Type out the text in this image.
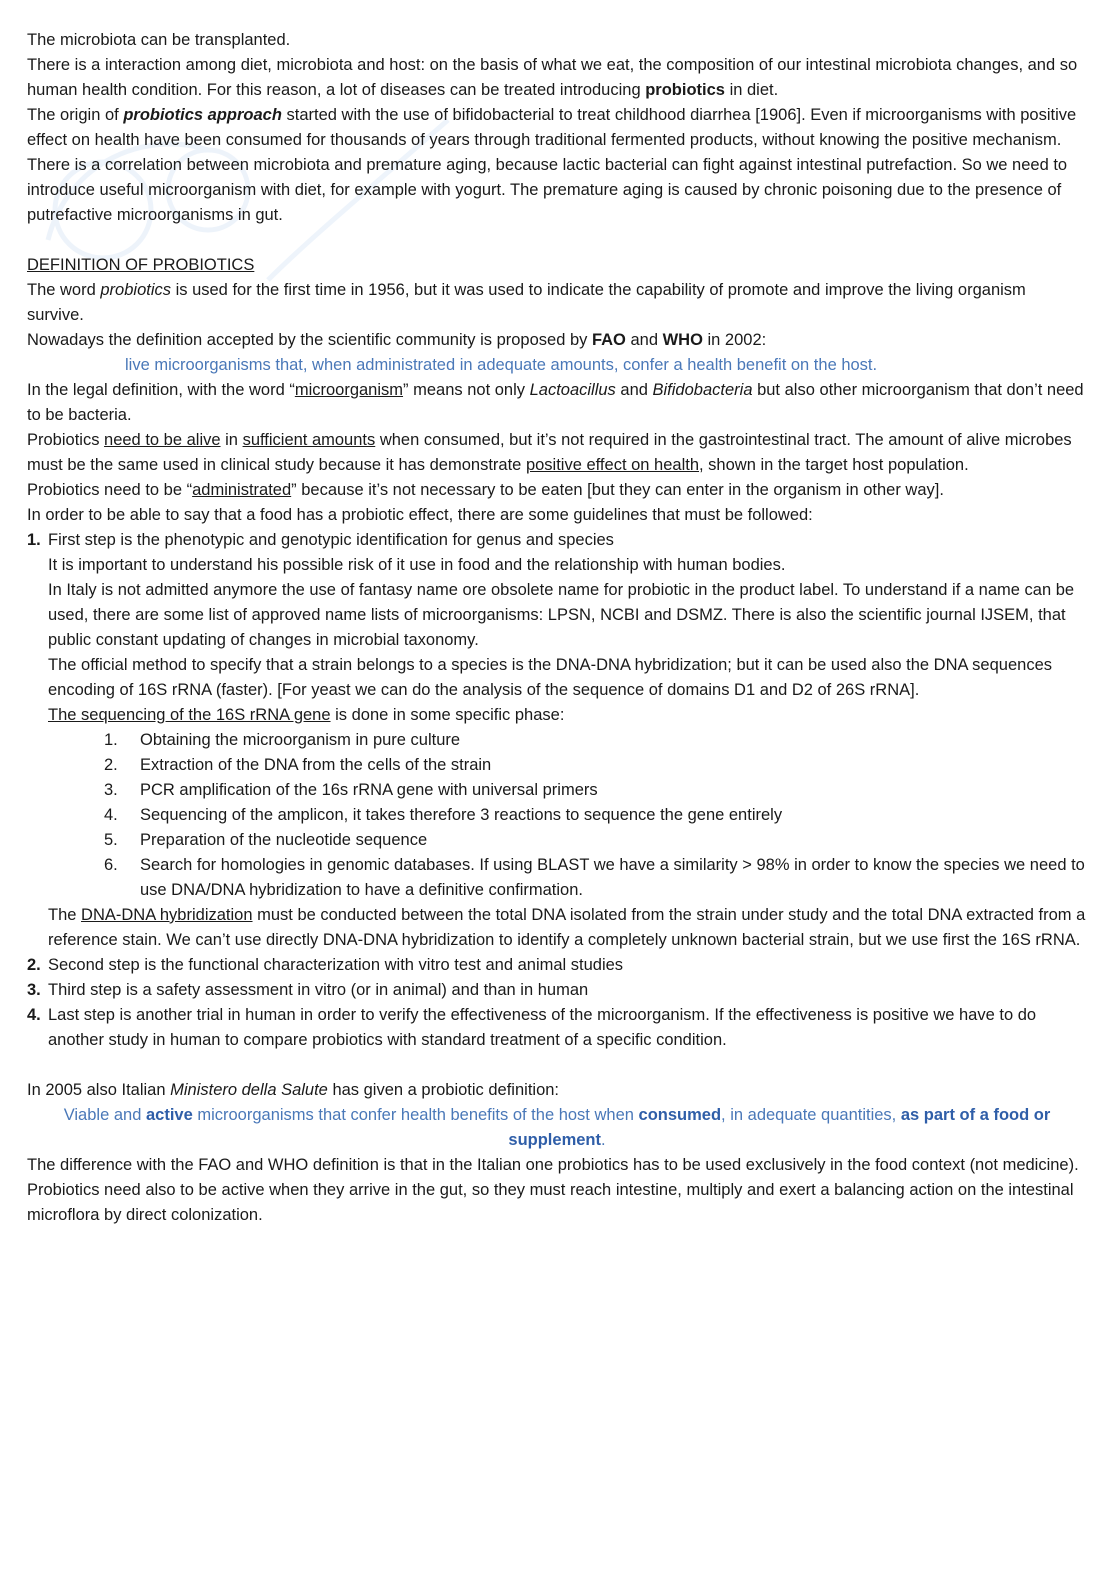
The microbiota can be transplanted.

There is a interaction among diet, microbiota and host: on the basis of what we eat, the composition of our intestinal microbiota changes, and so human health condition. For this reason, a lot of diseases can be treated introducing probiotics in diet.

The origin of probiotics approach started with the use of bifidobacterial to treat childhood diarrhea [1906]. Even if microorganisms with positive effect on health have been consumed for thousands of years through traditional fermented products, without knowing the positive mechanism.

There is a correlation between microbiota and premature aging, because lactic bacterial can fight against intestinal putrefaction. So we need to introduce useful microorganism with diet, for example with yogurt. The premature aging is caused by chronic poisoning due to the presence of putrefactive microorganisms in gut.

DEFINITION OF PROBIOTICS

The word probiotics is used for the first time in 1956, but it was used to indicate the capability of promote and improve the living organism survive.

Nowadays the definition accepted by the scientific community is proposed by FAO and WHO in 2002:

live microorganisms that, when administrated in adequate amounts, confer a health benefit on the host.

In the legal definition, with the word “microorganism” means not only Lactoacillus and Bifidobacteria but also other microorganism that don’t need to be bacteria.

Probiotics need to be alive in sufficient amounts when consumed, but it’s not required in the gastrointestinal tract. The amount of alive microbes must be the same used in clinical study because it has demonstrate positive effect on health, shown in the target host population.

Probiotics need to be “administrated” because it’s not necessary to be eaten [but they can enter in the organism in other way].

In order to be able to say that a food has a probiotic effect, there are some guidelines that must be followed:

1. First step is the phenotypic and genotypic identification for genus and species

It is important to understand his possible risk of it use in food and the relationship with human bodies.

In Italy is not admitted anymore the use of fantasy name ore obsolete name for probiotic in the product label. To understand if a name can be used, there are some list of approved name lists of microorganisms: LPSN, NCBI and DSMZ. There is also the scientific journal IJSEM, that public constant updating of changes in microbial taxonomy.

The official method to specify that a strain belongs to a species is the DNA-DNA hybridization; but it can be used also the DNA sequences encoding of 16S rRNA (faster). [For yeast we can do the analysis of the sequence of domains D1 and D2 of 26S rRNA].

The sequencing of the 16S rRNA gene is done in some specific phase:

1. Obtaining the microorganism in pure culture
2. Extraction of the DNA from the cells of the strain
3. PCR amplification of the 16s rRNA gene with universal primers
4. Sequencing of the amplicon, it takes therefore 3 reactions to sequence the gene entirely
5. Preparation of the nucleotide sequence
6. Search for homologies in genomic databases. If using BLAST we have a similarity > 98% in order to know the species we need to use DNA/DNA hybridization to have a definitive confirmation.

The DNA-DNA hybridization must be conducted between the total DNA isolated from the strain under study and the total DNA extracted from a reference stain. We can’t use directly DNA-DNA hybridization to identify a completely unknown bacterial strain, but we use first the 16S rRNA.

2. Second step is the functional characterization with vitro test and animal studies

3. Third step is a safety assessment in vitro (or in animal) and than in human

4. Last step is another trial in human in order to verify the effectiveness of the microorganism. If the effectiveness is positive we have to do another study in human to compare probiotics with standard treatment of a specific condition.

In 2005 also Italian Ministero della Salute has given a probiotic definition:

Viable and active microorganisms that confer health benefits of the host when consumed, in adequate quantities, as part of a food or supplement.

The difference with the FAO and WHO definition is that in the Italian one probiotics has to be used exclusively in the food context (not medicine). Probiotics need also to be active when they arrive in the gut, so they must reach intestine, multiply and exert a balancing action on the intestinal microflora by direct colonization.
